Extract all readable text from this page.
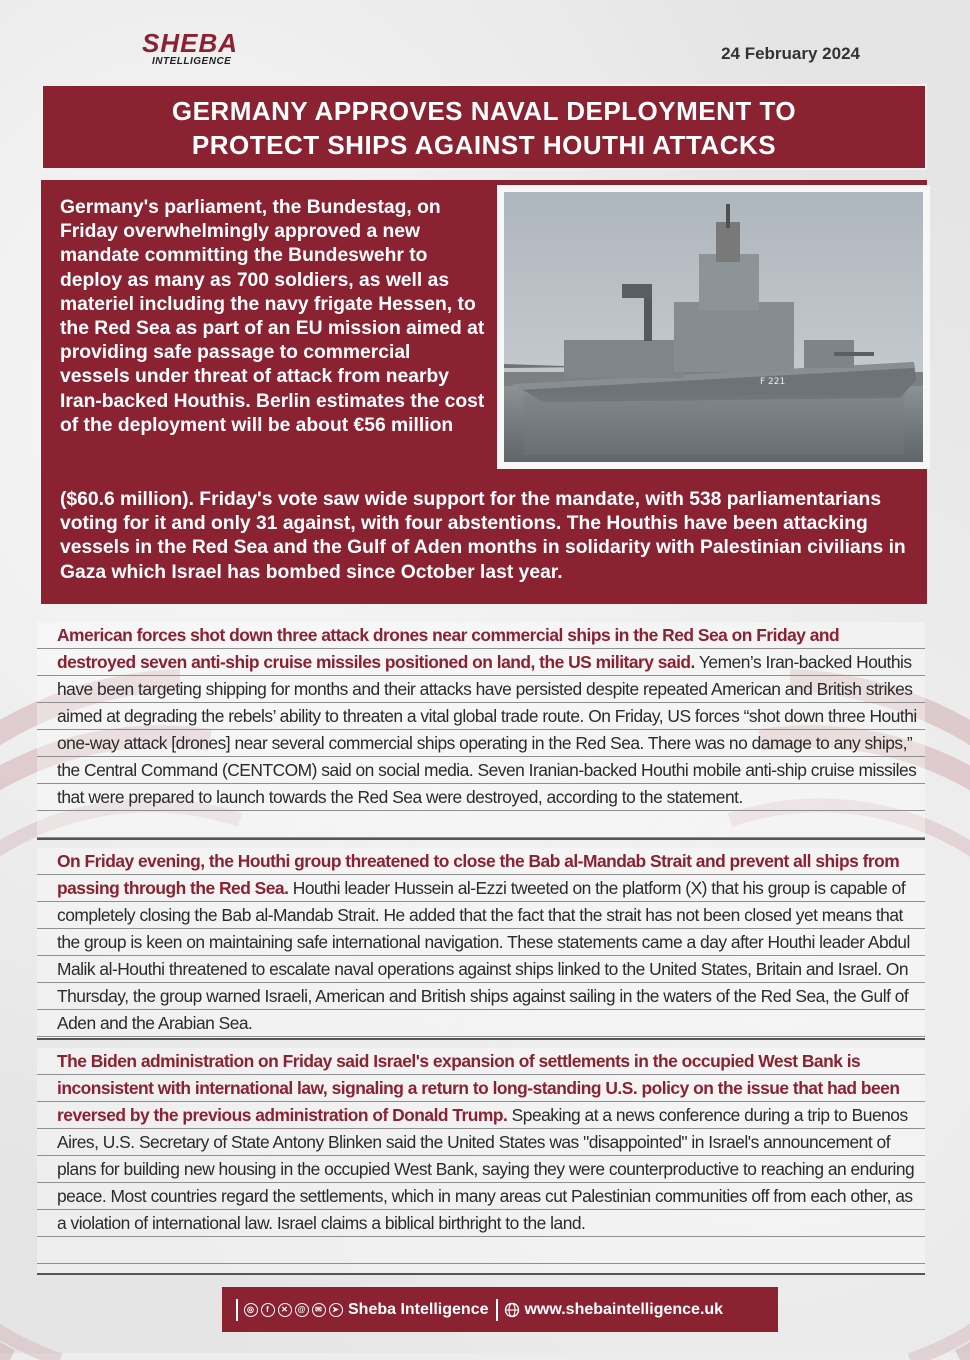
SHEBA
INTELLIGENCE	24 February 2024
GERMANY APPROVES NAVAL DEPLOYMENT TO
PROTECT SHIPS AGAINST HOUTHI ATTACKS
F 221
Germany's parliament, the Bundestag, on Friday overwhelmingly approved a new mandate committing the Bundeswehr to deploy as many as 700 soldiers, as well as materiel including the navy frigate Hessen, to the Red Sea as part of an EU mission aimed at providing safe passage to commercial vessels under threat of attack from nearby Iran-backed Houthis. Berlin estimates the cost of the deployment will be about €56 million
($60.6 million). Friday's vote saw wide support for the mandate, with 538 parliamentarians voting for it and only 31 against, with four abstentions. The Houthis have been attacking vessels in the Red Sea and the Gulf of Aden months in solidarity with Palestinian civilians in Gaza which Israel has bombed since October last year.
American forces shot down three attack drones near commercial ships in the Red Sea on Friday and destroyed seven anti-ship cruise missiles positioned on land, the US military said. Yemen’s Iran-backed Houthis have been targeting shipping for months and their attacks have persisted despite repeated American and British strikes aimed at degrading the rebels’ ability to threaten a vital global trade route. On Friday, US forces “shot down three Houthi one-way attack [drones] near several commercial ships operating in the Red Sea. There was no damage to any ships,” the Central Command (CENTCOM) said on social media. Seven Iranian-backed Houthi mobile anti-ship cruise missiles that were prepared to launch towards the Red Sea were destroyed, according to the statement.
On Friday evening, the Houthi group threatened to close the Bab al-Mandab Strait and prevent all ships from passing through the Red Sea. Houthi leader Hussein al-Ezzi tweeted on the platform (X) that his group is capable of completely closing the Bab al-Mandab Strait. He added that the fact that the strait has not been closed yet means that the group is keen on maintaining safe international navigation. These statements came a day after Houthi leader Abdul Malik al-Houthi threatened to escalate naval operations against ships linked to the United States, Britain and Israel. On Thursday, the group warned Israeli, American and British ships against sailing in the waters of the Red Sea, the Gulf of Aden and the Arabian Sea.
The Biden administration on Friday said Israel's expansion of settlements in the occupied West Bank is inconsistent with international law, signaling a return to long-standing U.S. policy on the issue that had been reversed by the previous administration of Donald Trump. Speaking at a news conference during a trip to Buenos Aires, U.S. Secretary of State Antony Blinken said the United States was "disappointed" in Israel's announcement of plans for building new housing in the occupied West Bank, saying they were counterproductive to reaching an enduring peace. Most countries regard the settlements, which in many areas cut Palestinian communities off from each other, as a violation of international law. Israel claims a biblical birthright to the land.
◎	f	✕	@	✉	➤ Sheba Intelligence www.shebaintelligence.uk
